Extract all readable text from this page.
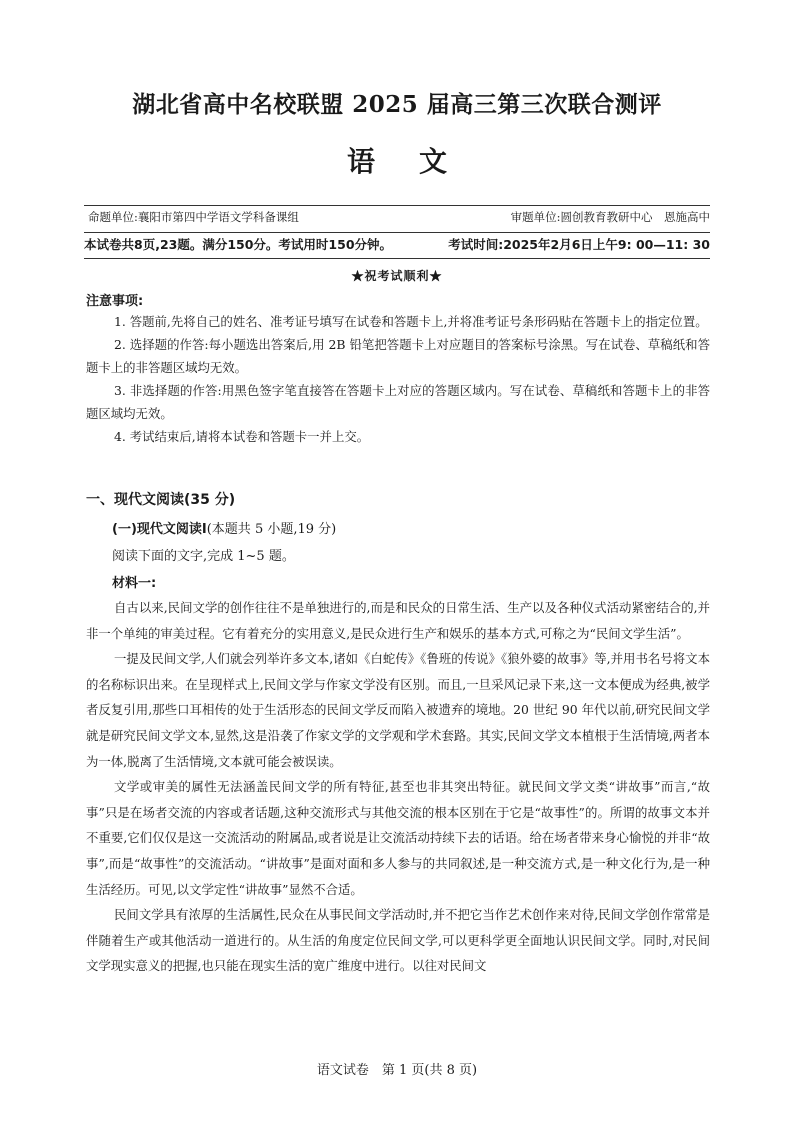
湖北省高中名校联盟 2025 届高三第三次联合测评
语文
命题单位:襄阳市第四中学语文学科备课组	审题单位:圆创教育教研中心　恩施高中
本试卷共8页,23题。满分150分。考试用时150分钟。	考试时间:2025年2月6日上午9: 00—11: 30
★祝考试顺利★
注意事项:

1. 答题前,先将自己的姓名、准考证号填写在试卷和答题卡上,并将准考证号条形码贴在答题卡上的指定位置。

2. 选择题的作答:每小题选出答案后,用 2B 铅笔把答题卡上对应题目的答案标号涂黑。写在试卷、草稿纸和答题卡上的非答题区域均无效。

3. 非选择题的作答:用黑色签字笔直接答在答题卡上对应的答题区域内。写在试卷、草稿纸和答题卡上的非答题区域均无效。

4. 考试结束后,请将本试卷和答题卡一并上交。

一、现代文阅读(35 分)
(一)现代文阅读Ⅰ(本题共 5 小题,19 分)
阅读下面的文字,完成 1~5 题。
材料一:

自古以来,民间文学的创作往往不是单独进行的,而是和民众的日常生活、生产以及各种仪式活动紧密结合的,并非一个单纯的审美过程。它有着充分的实用意义,是民众进行生产和娱乐的基本方式,可称之为“民间文学生活”。

一提及民间文学,人们就会列举许多文本,诸如《白蛇传》《鲁班的传说》《狼外婆的故事》等,并用书名号将文本的名称标识出来。在呈现样式上,民间文学与作家文学没有区别。而且,一旦采风记录下来,这一文本便成为经典,被学者反复引用,那些口耳相传的处于生活形态的民间文学反而陷入被遗弃的境地。20 世纪 90 年代以前,研究民间文学就是研究民间文学文本,显然,这是沿袭了作家文学的文学观和学术套路。其实,民间文学文本植根于生活情境,两者本为一体,脱离了生活情境,文本就可能会被误读。

文学或审美的属性无法涵盖民间文学的所有特征,甚至也非其突出特征。就民间文学文类“讲故事”而言,“故事”只是在场者交流的内容或者话题,这种交流形式与其他交流的根本区别在于它是“故事性”的。所谓的故事文本并不重要,它们仅仅是这一交流活动的附属品,或者说是让交流活动持续下去的话语。给在场者带来身心愉悦的并非“故事”,而是“故事性”的交流活动。“讲故事”是面对面和多人参与的共同叙述,是一种交流方式,是一种文化行为,是一种生活经历。可见,以文学定性“讲故事”显然不合适。

民间文学具有浓厚的生活属性,民众在从事民间文学活动时,并不把它当作艺术创作来对待,民间文学创作常常是伴随着生产或其他活动一道进行的。从生活的角度定位民间文学,可以更科学更全面地认识民间文学。同时,对民间文学现实意义的把握,也只能在现实生活的宽广维度中进行。以往对民间文

语文试卷　第 1 页(共 8 页)
